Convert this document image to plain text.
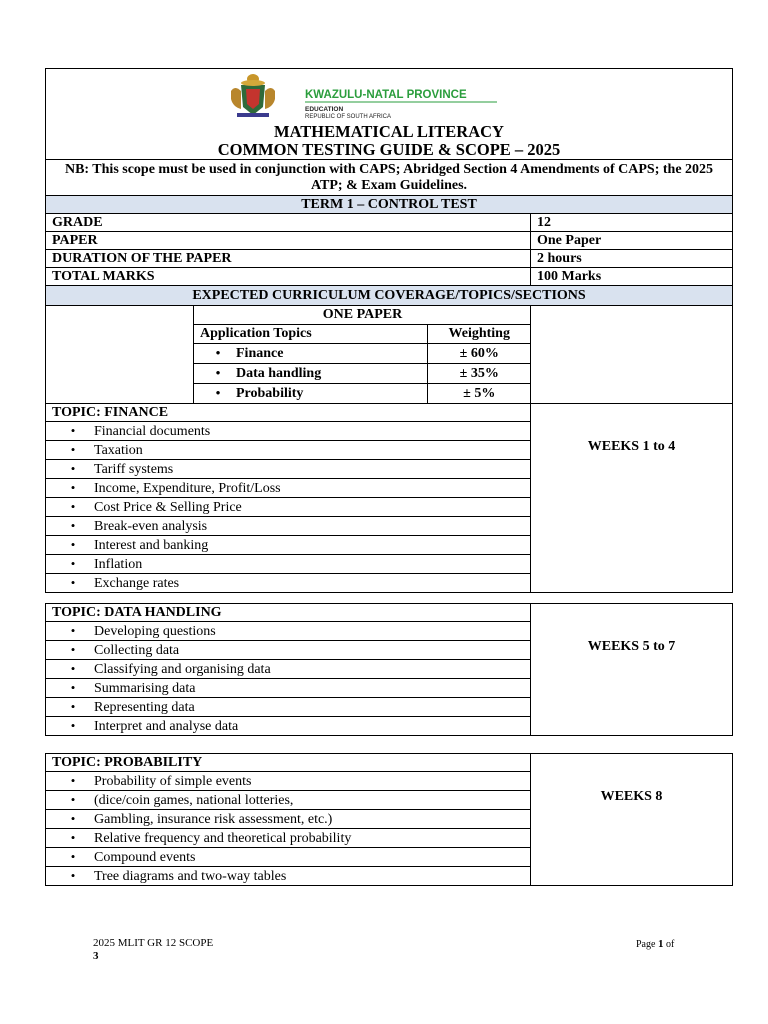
KWAZULU-NATAL PROVINCE
EDUCATION
REPUBLIC OF SOUTH AFRICA
MATHEMATICAL LITERACY
COMMON TESTING GUIDE & SCOPE – 2025

NB: This scope must be used in conjunction with CAPS; Abridged Section 4 Amendments of CAPS; the 2025 ATP; & Exam Guidelines.
TERM 1 – CONTROL TEST
GRADE	12
PAPER	One Paper
DURATION OF THE PAPER	2 hours
TOTAL MARKS	100 Marks
EXPECTED CURRICULUM COVERAGE/TOPICS/SECTIONS

ONE PAPER
Application Topics	Weighting
•Finance	± 60%
•Data handling	± 35%
•Probability	± 5%

TOPIC: FINANCE	WEEKS 1 to 4
•Financial documents
•Taxation
•Tariff systems
•Income, Expenditure, Profit/Loss
•Cost Price & Selling Price
•Break-even analysis
•Interest and banking
•Inflation
•Exchange rates
TOPIC: DATA HANDLING	WEEKS 5 to 7
•Developing questions
•Collecting data
•Classifying and organising data
•Summarising data
•Representing data
•Interpret and analyse data
TOPIC: PROBABILITY	WEEKS 8
•Probability of simple events
•(dice/coin games, national lotteries,
•Gambling, insurance risk assessment, etc.)
•Relative frequency and theoretical probability
•Compound events
•Tree diagrams and two-way tables
2025 MLIT GR 12 SCOPE
3
Page 1 of
